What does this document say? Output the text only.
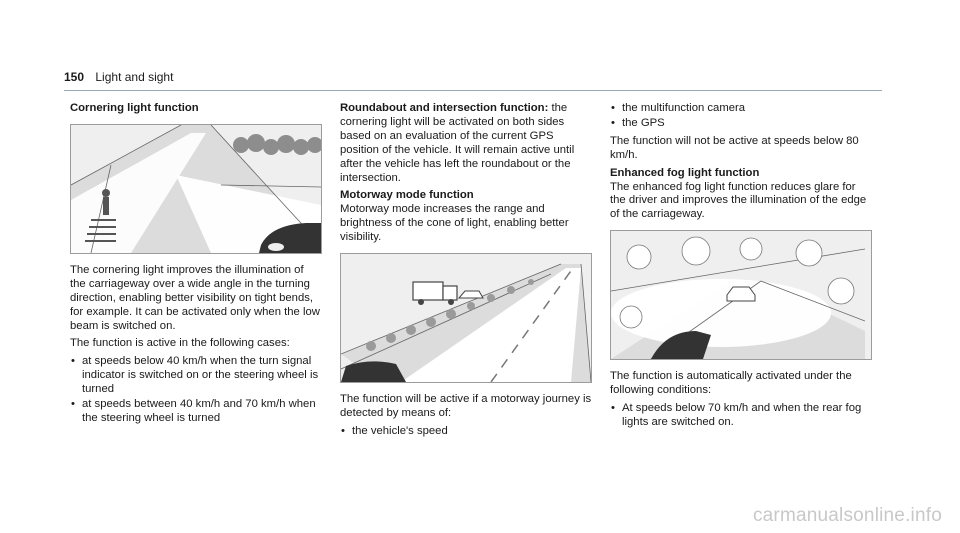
150 Light and sight

Cornering light function

The cornering light improves the illumination of the carriageway over a wide angle in the turning direction, enabling better visibility on tight bends, for example. It can be activated only when the low beam is switched on.

The function is active in the following cases:

• at speeds below 40 km/h when the turn signal indicator is switched on or the steering wheel is turned
• at speeds between 40 km/h and 70 km/h when the steering wheel is turned

Roundabout and intersection function: the cornering light will be activated on both sides based on an evaluation of the current GPS position of the vehicle. It will remain active until after the vehicle has left the roundabout or the intersection.

Motorway mode function

Motorway mode increases the range and brightness of the cone of light, enabling better visibility.

The function will be active if a motorway journey is detected by means of:

• the vehicle's speed
• the multifunction camera
• the GPS

The function will not be active at speeds below 80 km/h.

Enhanced fog light function

The enhanced fog light function reduces glare for the driver and improves the illumination of the edge of the carriageway.

The function is automatically activated under the following conditions:

• At speeds below 70 km/h and when the rear fog lights are switched on.
carmanualsonline.info
